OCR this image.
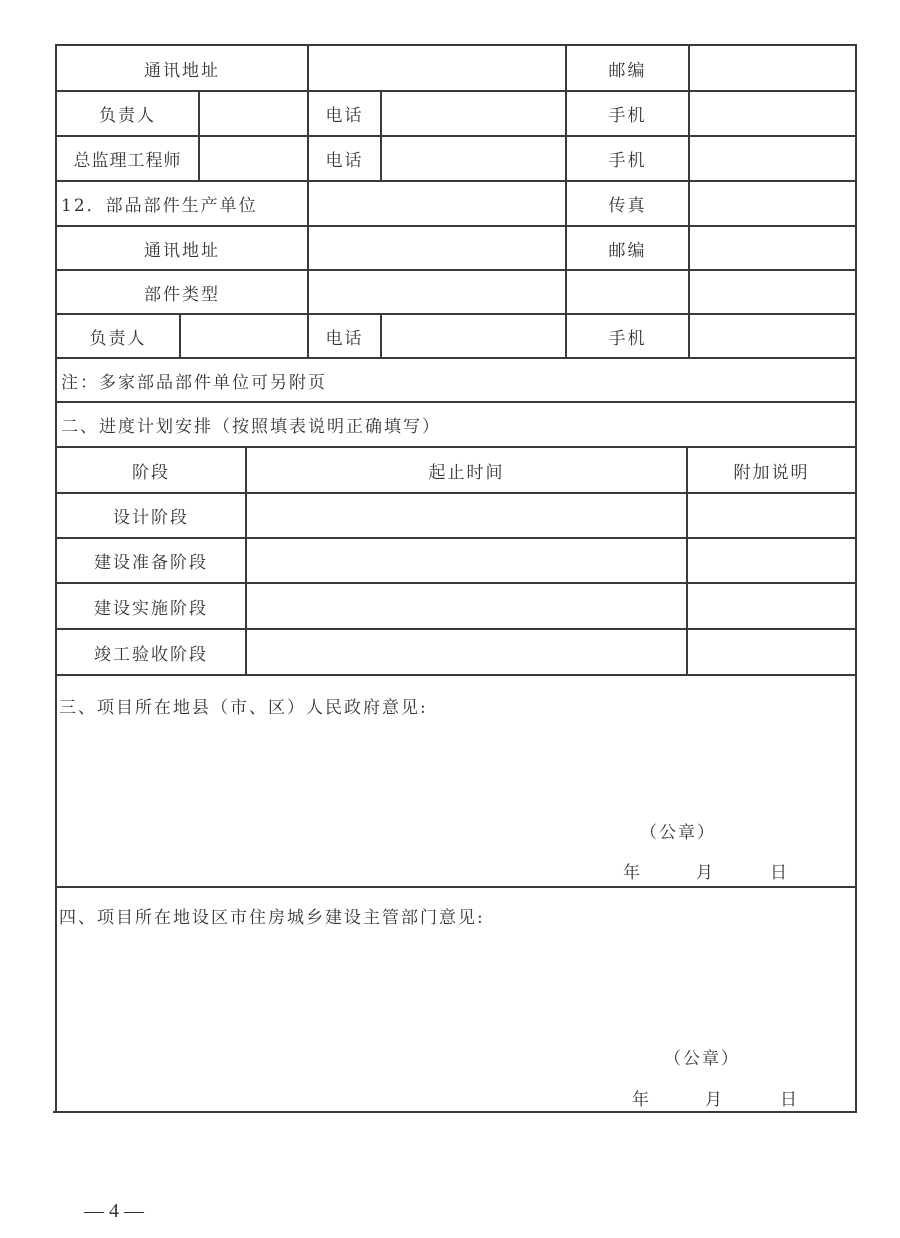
通讯地址	邮编
负责人	电话	手机
总监理工程师	电话	手机
12．部品部件生产单位	传真
通讯地址	邮编
部件类型
负责人	电话	手机
注：多家部品部件单位可另附页
二、进度计划安排（按照填表说明正确填写）
阶段	起止时间	附加说明
设计阶段
建设准备阶段
建设实施阶段
竣工验收阶段
三、项目所在地县（市、区）人民政府意见:
（公章）
年	月	日
四、项目所在地设区市住房城乡建设主管部门意见:
（公章）
年	月	日
— 4 —
